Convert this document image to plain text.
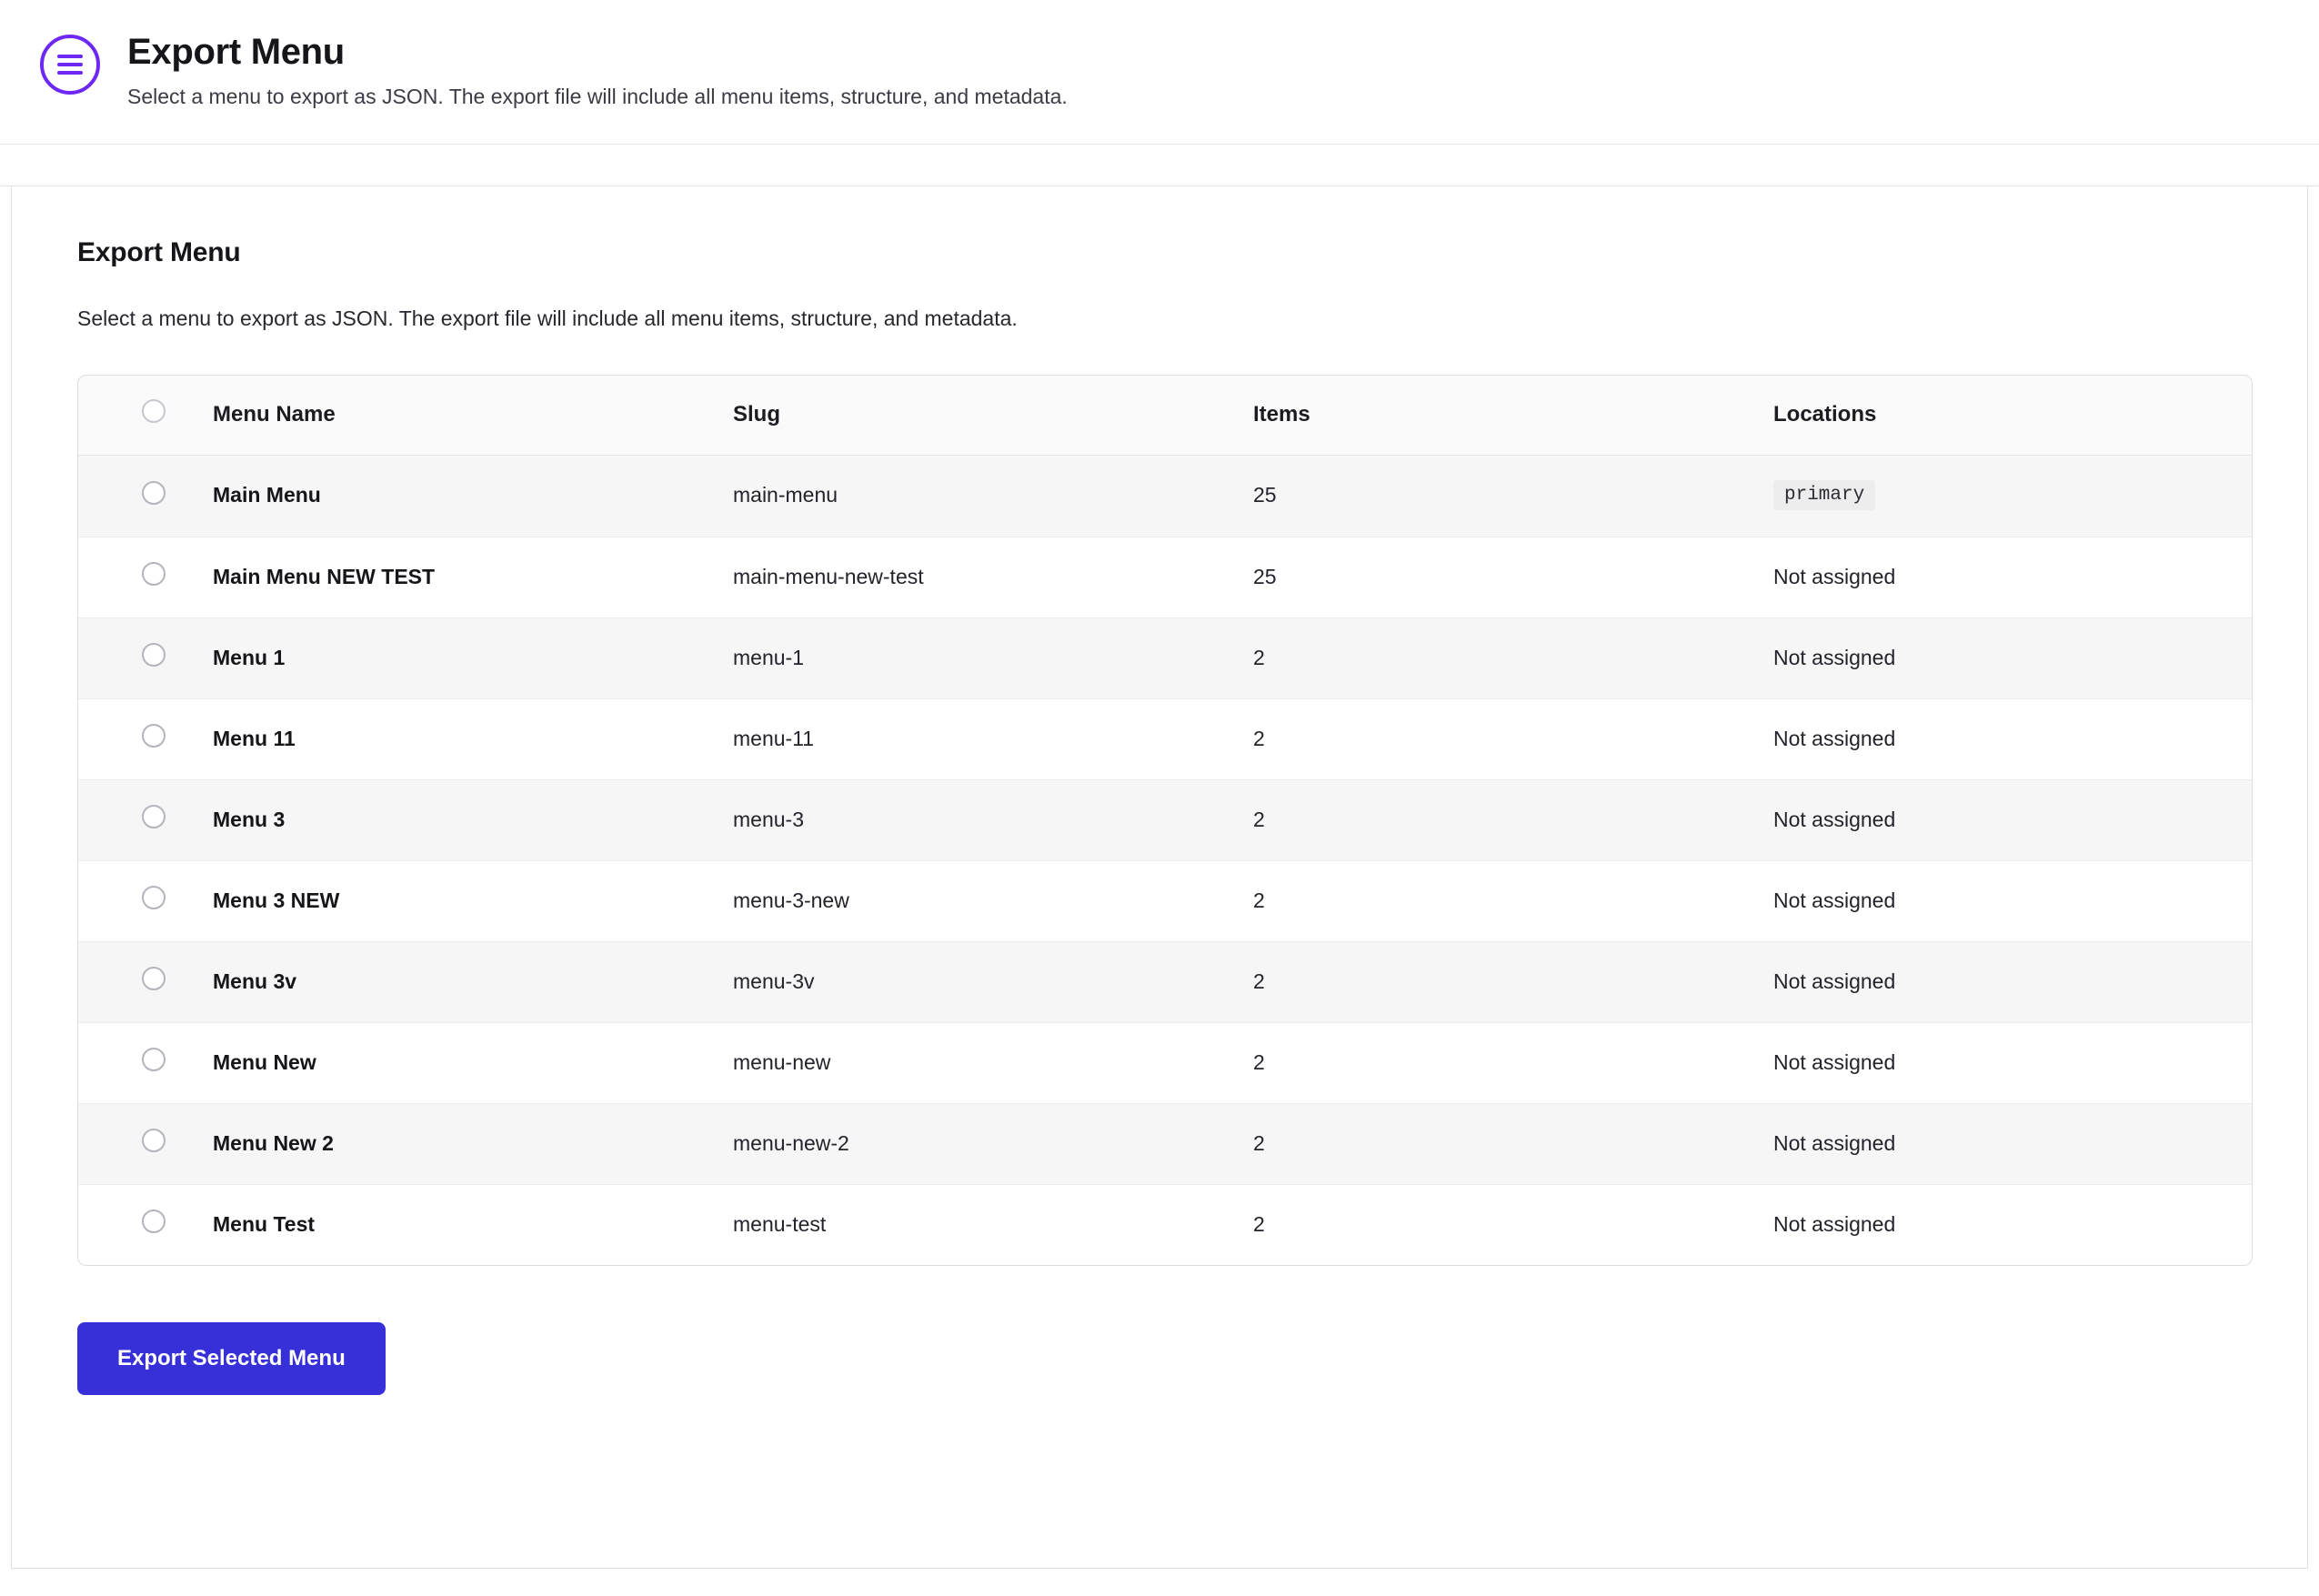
Export Menu

Select a menu to export as JSON. The export file will include all menu items, structure, and metadata.

Export Menu

Select a menu to export as JSON. The export file will include all menu items, structure, and metadata.

	Menu Name	Slug	Items	Locations
	Main Menu	main-menu	25	primary
	Main Menu NEW TEST	main-menu-new-test	25	Not assigned
	Menu 1	menu-1	2	Not assigned
	Menu 11	menu-11	2	Not assigned
	Menu 3	menu-3	2	Not assigned
	Menu 3 NEW	menu-3-new	2	Not assigned
	Menu 3v	menu-3v	2	Not assigned
	Menu New	menu-new	2	Not assigned
	Menu New 2	menu-new-2	2	Not assigned
	Menu Test	menu-test	2	Not assigned
Export Selected Menu
